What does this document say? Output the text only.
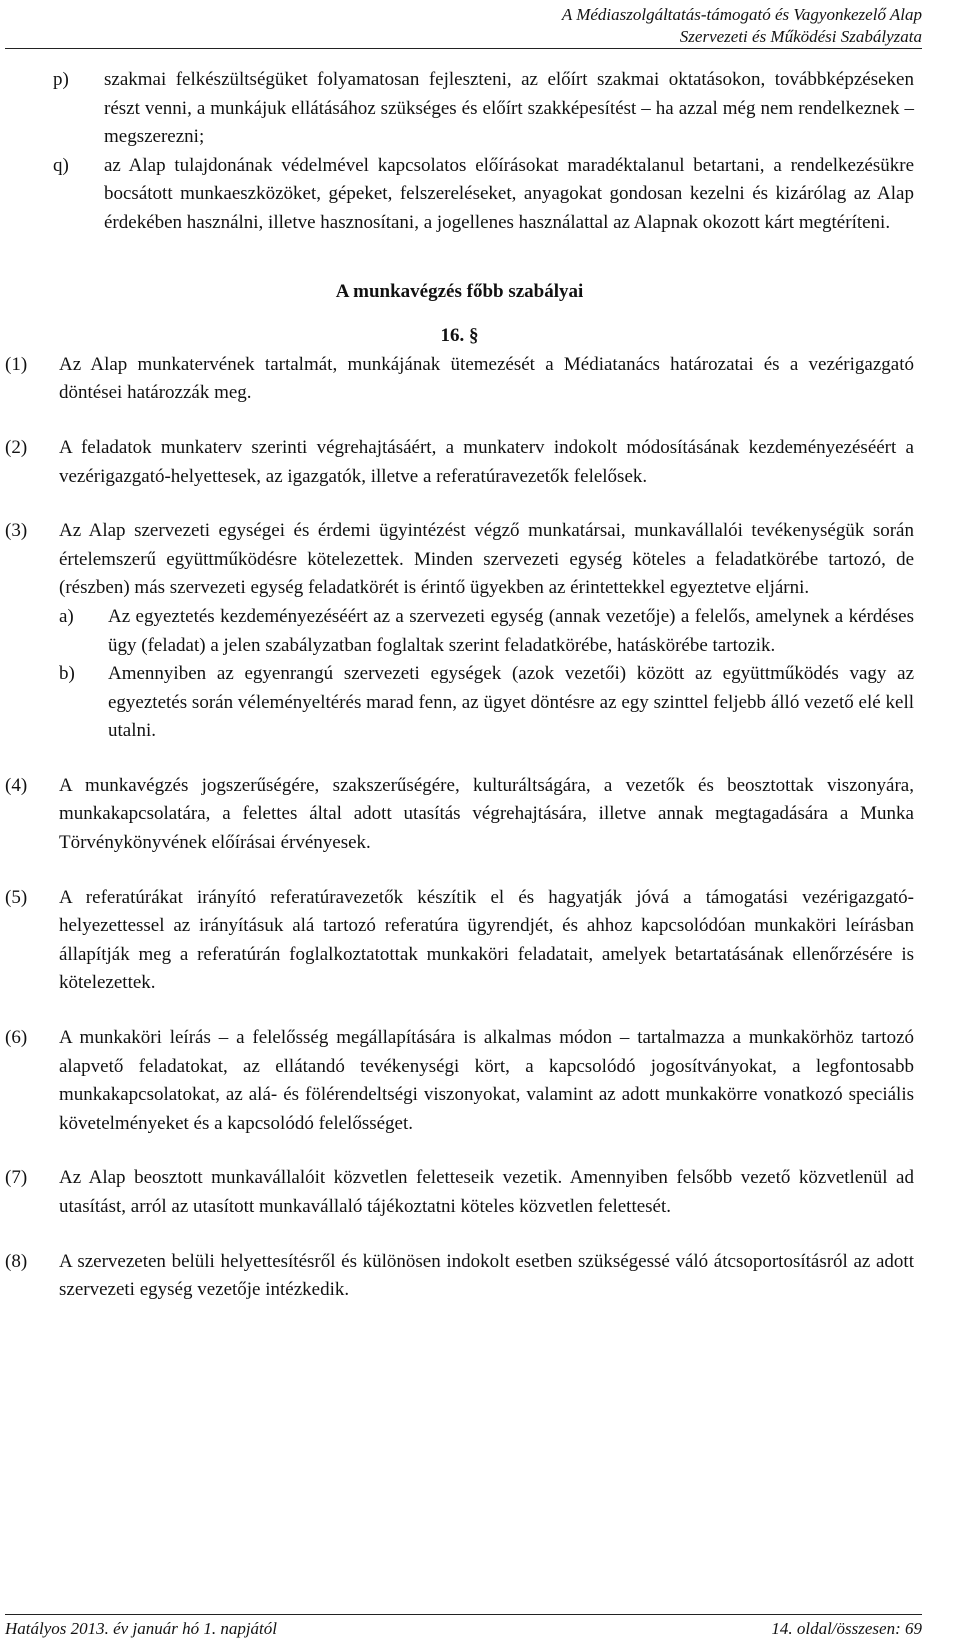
A Médiaszolgáltatás-támogató és Vagyonkezelő Alap
Szervezeti és Működési Szabályzata
p)	szakmai felkészültségüket folyamatosan fejleszteni, az előírt szakmai oktatásokon, továbbképzéseken részt venni, a munkájuk ellátásához szükséges és előírt szakképesítést – ha azzal még nem rendelkeznek – megszerezni;
q)	az Alap tulajdonának védelmével kapcsolatos előírásokat maradéktalanul betartani, a rendelkezésükre bocsátott munkaeszközöket, gépeket, felszereléseket, anyagokat gondosan kezelni és kizárólag az Alap érdekében használni, illetve hasznosítani, a jogellenes használattal az Alapnak okozott kárt megtéríteni.
A munkavégzés főbb szabályai
16. §
(1)	Az Alap munkatervének tartalmát, munkájának ütemezését a Médiatanács határozatai és a vezérigazgató döntései határozzák meg.
(2)	A feladatok munkaterv szerinti végrehajtásáért, a munkaterv indokolt módosításának kezdeményezéséért a vezérigazgató-helyettesek, az igazgatók, illetve a referatúravezetők felelősek.
(3)	Az Alap szervezeti egységei és érdemi ügyintézést végző munkatársai, munkavállalói tevékenységük során értelemszerű együttműködésre kötelezettek. Minden szervezeti egység köteles a feladatkörébe tartozó, de (részben) más szervezeti egység feladatkörét is érintő ügyekben az érintettekkel egyeztetve eljárni.
a)	Az egyeztetés kezdeményezéséért az a szervezeti egység (annak vezetője) a felelős, amelynek a kérdéses ügy (feladat) a jelen szabályzatban foglaltak szerint feladatkörébe, hatáskörébe tartozik.
b)	Amennyiben az egyenrangú szervezeti egységek (azok vezetői) között az együttműködés vagy az egyeztetés során véleményeltérés marad fenn, az ügyet döntésre az egy szinttel feljebb álló vezető elé kell utalni.
(4)	A munkavégzés jogszerűségére, szakszerűségére, kulturáltságára, a vezetők és beosztottak viszonyára, munkakapcsolatára, a felettes által adott utasítás végrehajtására, illetve annak megtagadására a Munka Törvénykönyvének előírásai érvényesek.
(5)	A referatúrákat irányító referatúravezetők készítik el és hagyatják jóvá a támogatási vezérigazgató-helyezettessel az irányításuk alá tartozó referatúra ügyrendjét, és ahhoz kapcsolódóan munkaköri leírásban állapítják meg a referatúrán foglalkoztatottak munkaköri feladatait, amelyek betartatásának ellenőrzésére is kötelezettek.
(6)	A munkaköri leírás – a felelősség megállapítására is alkalmas módon – tartalmazza a munkakörhöz tartozó alapvető feladatokat, az ellátandó tevékenységi kört, a kapcsolódó jogosítványokat, a legfontosabb munkakapcsolatokat, az alá- és fölérendeltségi viszonyokat, valamint az adott munkakörre vonatkozó speciális követelményeket és a kapcsolódó felelősséget.
(7)	Az Alap beosztott munkavállalóit közvetlen feletteseik vezetik. Amennyiben felsőbb vezető közvetlenül ad utasítást, arról az utasított munkavállaló tájékoztatni köteles közvetlen felettesét.
(8)	A szervezeten belüli helyettesítésről és különösen indokolt esetben szükségessé váló átcsoportosításról az adott szervezeti egység vezetője intézkedik.
Hatályos 2013. év január hó 1. napjától	14. oldal/összesen: 69
